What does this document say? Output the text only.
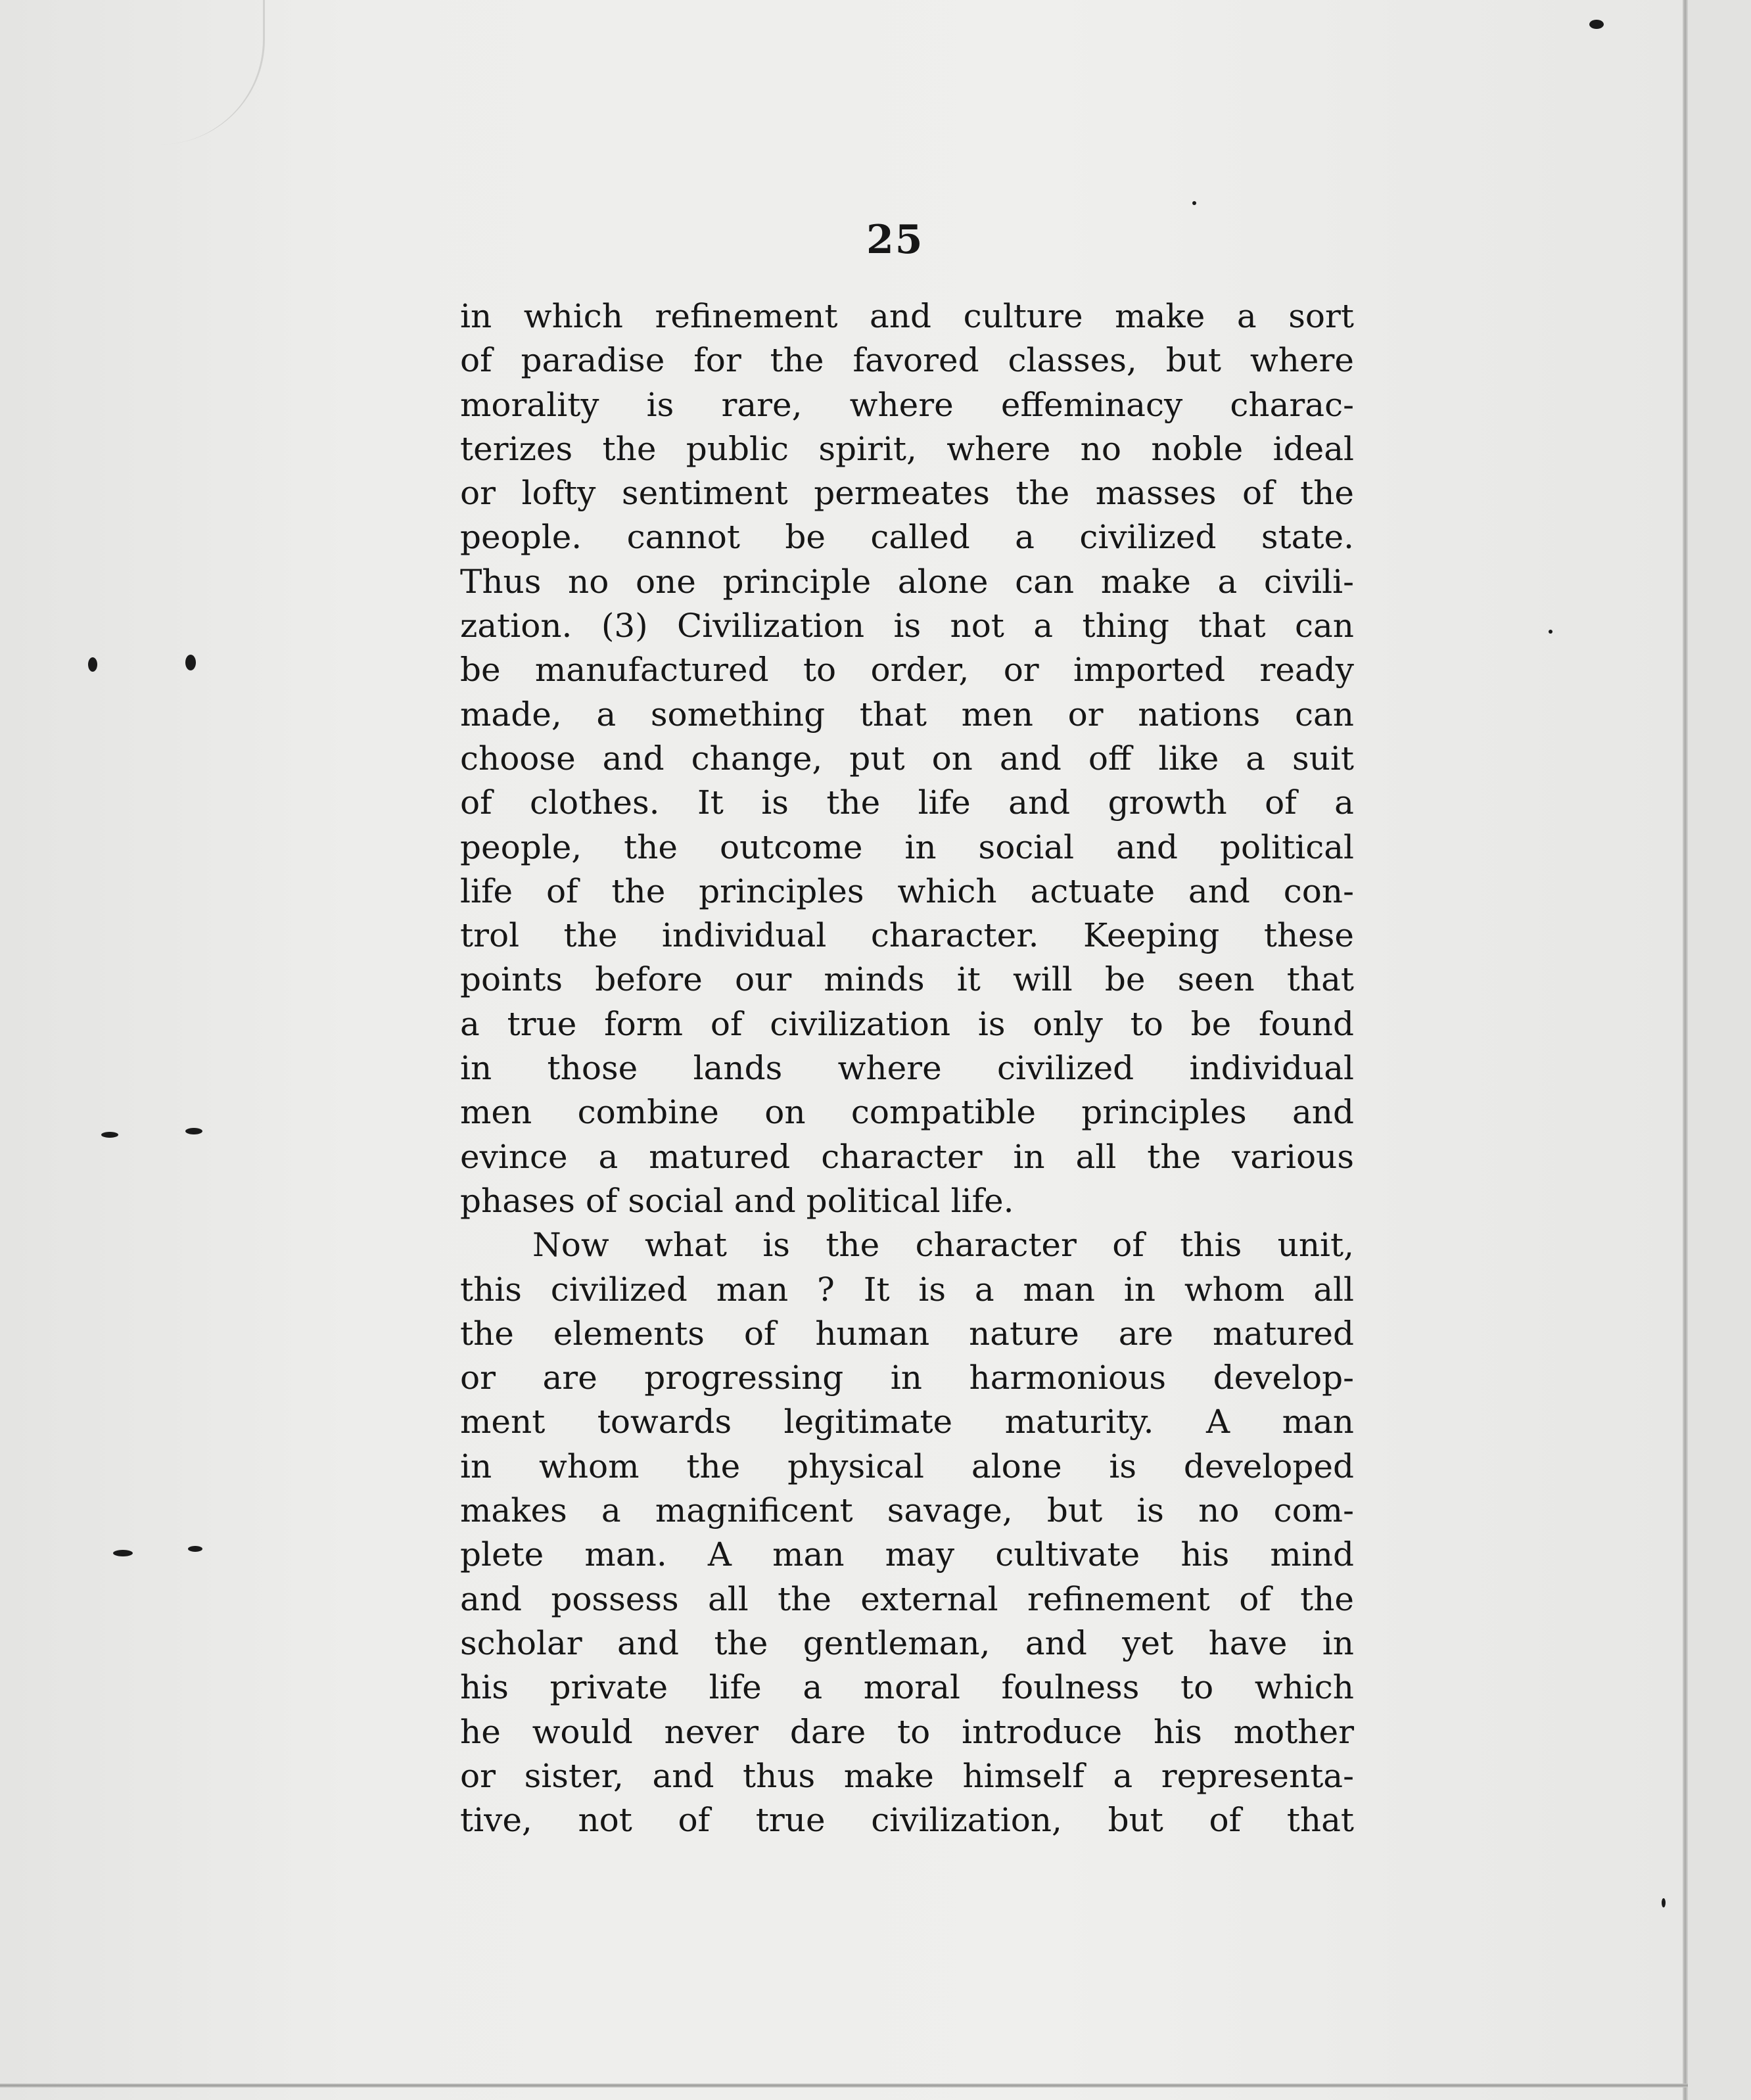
25
in which refinement and culture make a sort
of paradise for the favored classes, but where
morality is rare, where effeminacy charac-
terizes the public spirit, where no noble ideal
or lofty sentiment permeates the masses of the
people. cannot be called a civilized state.
Thus no one principle alone can make a civili-
zation. (3) Civilization is not a thing that can
be manufactured to order, or imported ready
made, a something that men or nations can
choose and change, put on and off like a suit
of clothes. It is the life and growth of a
people, the outcome in social and political
life of the principles which actuate and con-
trol the individual character. Keeping these
points before our minds it will be seen that
a true form of civilization is only to be found
in those lands where civilized individual
men combine on compatible principles and
evince a matured character in all the various
phases of social and political life.
Now what is the character of this unit,
this civilized man ? It is a man in whom all
the elements of human nature are matured
or are progressing in harmonious develop-
ment towards legitimate maturity. A man
in whom the physical alone is developed
makes a magnificent savage, but is no com-
plete man. A man may cultivate his mind
and possess all the external refinement of the
scholar and the gentleman, and yet have in
his private life a moral foulness to which
he would never dare to introduce his mother
or sister, and thus make himself a representa-
tive, not of true civilization, but of that
